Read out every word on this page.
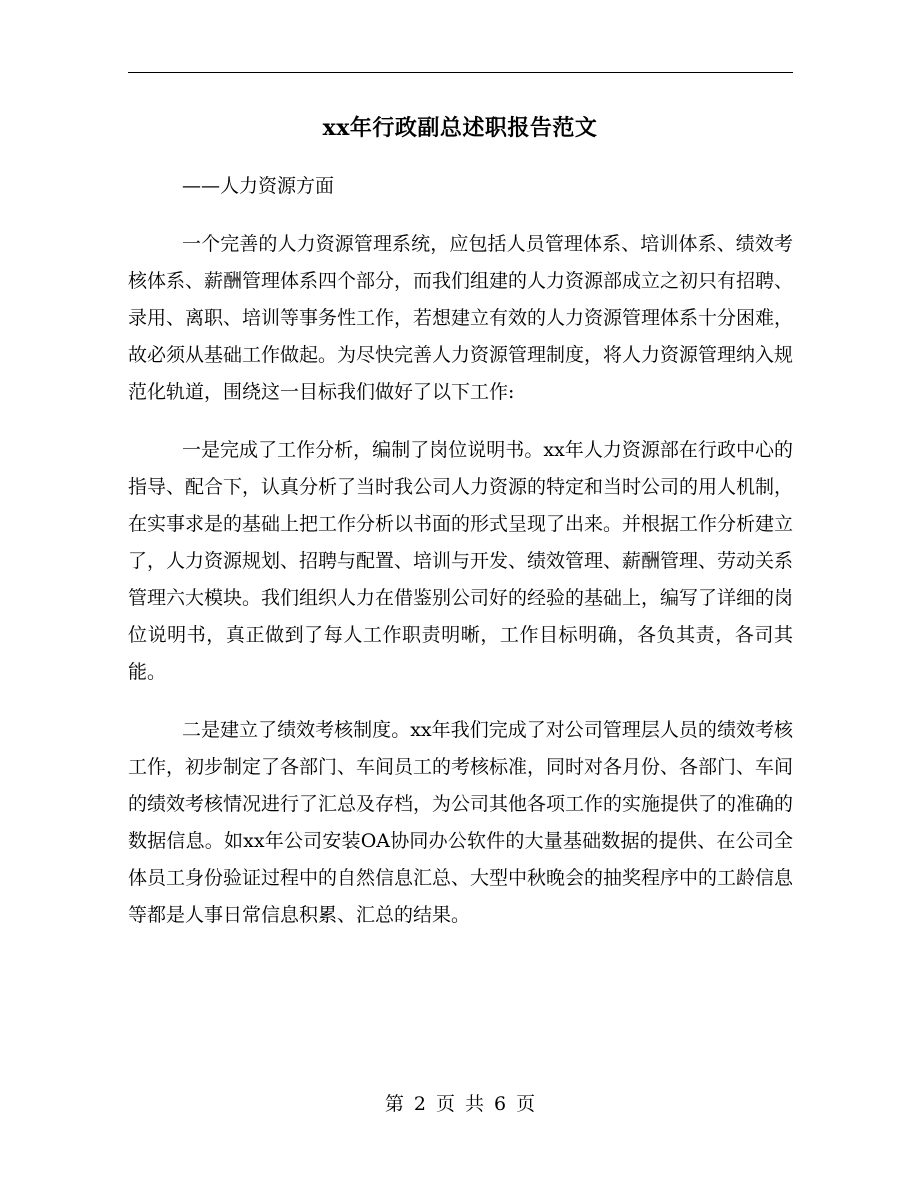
xx年行政副总述职报告范文

——人力资源方面

一个完善的人力资源管理系统，应包括人员管理体系、培训体系、绩效考核体系、薪酬管理体系四个部分，而我们组建的人力资源部成立之初只有招聘、录用、离职、培训等事务性工作，若想建立有效的人力资源管理体系十分困难，故必须从基础工作做起。为尽快完善人力资源管理制度，将人力资源管理纳入规范化轨道，围绕这一目标我们做好了以下工作:

一是完成了工作分析，编制了岗位说明书。xx年人力资源部在行政中心的指导、配合下，认真分析了当时我公司人力资源的特定和当时公司的用人机制，在实事求是的基础上把工作分析以书面的形式呈现了出来。并根据工作分析建立了，人力资源规划、招聘与配置、培训与开发、绩效管理、薪酬管理、劳动关系管理六大模块。我们组织人力在借鉴别公司好的经验的基础上，编写了详细的岗位说明书，真正做到了每人工作职责明晰，工作目标明确，各负其责，各司其能。

二是建立了绩效考核制度。xx年我们完成了对公司管理层人员的绩效考核工作，初步制定了各部门、车间员工的考核标准，同时对各月份、各部门、车间的绩效考核情况进行了汇总及存档，为公司其他各项工作的实施提供了的准确的数据信息。如xx年公司安装OA协同办公软件的大量基础数据的提供、在公司全体员工身份验证过程中的自然信息汇总、大型中秋晚会的抽奖程序中的工龄信息等都是人事日常信息积累、汇总的结果。

第 2 页 共 6 页
